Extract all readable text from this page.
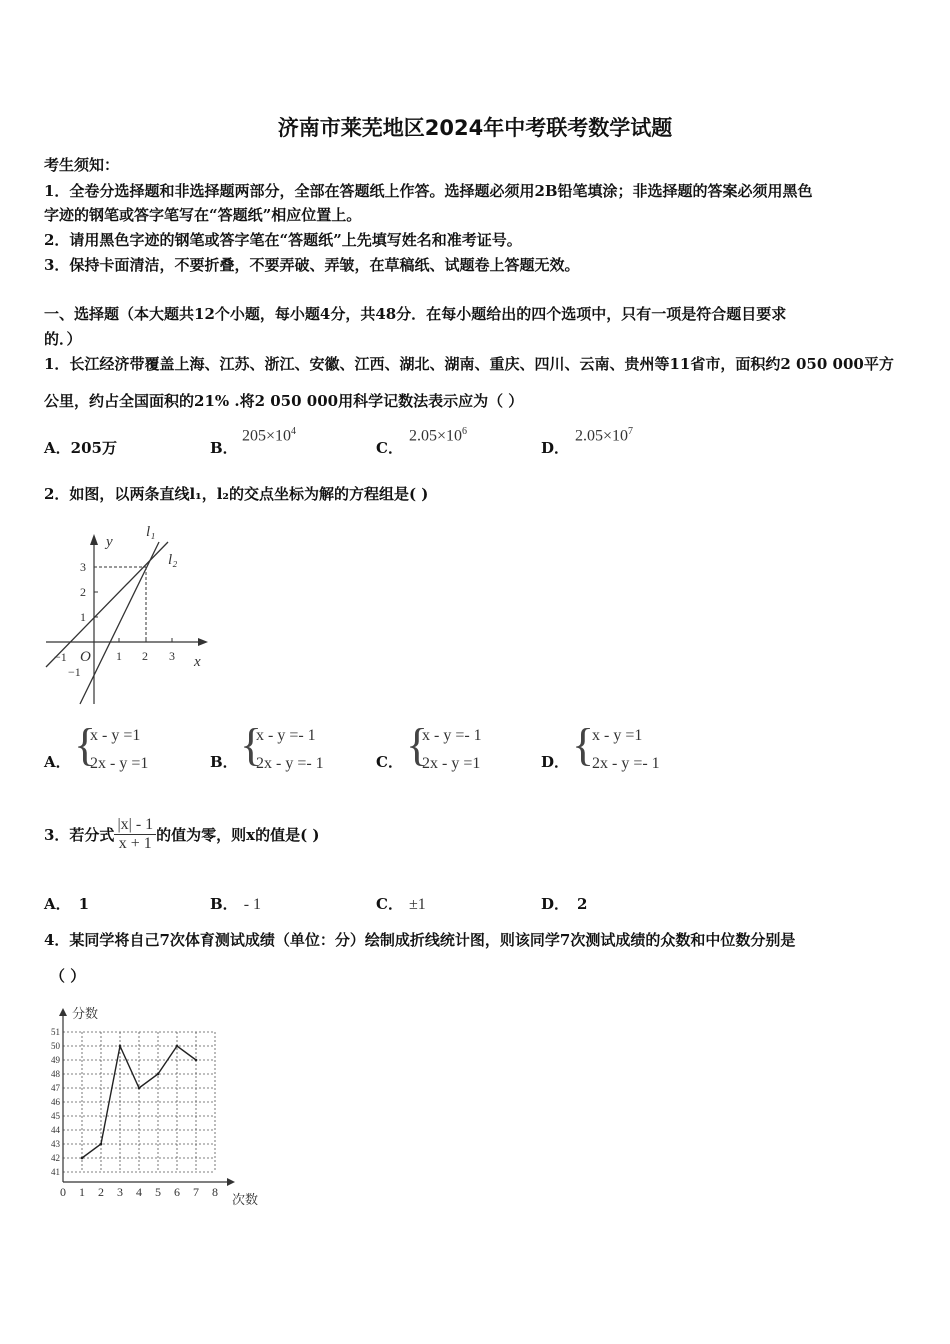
济南市莱芜地区2024年中考联考数学试题
考生须知：
1．全卷分选择题和非选择题两部分，全部在答题纸上作答。选择题必须用2B铅笔填涂；非选择题的答案必须用黑色
字迹的钢笔或答字笔写在“答题纸”相应位置上。
2．请用黑色字迹的钢笔或答字笔在“答题纸”上先填写姓名和准考证号。
3．保持卡面清洁，不要折叠，不要弄破、弄皱，在草稿纸、试题卷上答题无效。
一、选择题（本大题共12个小题，每小题4分，共48分．在每小题给出的四个选项中，只有一项是符合题目要求
的．）
1．长江经济带覆盖上海、江苏、浙江、安徽、江西、湖北、湖南、重庆、四川、云南、贵州等11省市，面积约2 050 000平方
公里，约占全国面积的21% .将2 050 000用科学记数法表示应为（ ）
A．205万	B．
$205\times 10^4$
C．
$2.05\times 10^6$
D．
$2.05\times 10^7$
2．如图，以两条直线l₁，l₂的交点坐标为解的方程组是( )
y
x
O
l₁
l₂
3
2
1
−1
−1	1 2 3
A． {
x - y =1
2x - y =1	B． {
x - y =- 1
2x - y =- 1	C． {
x - y =- 1
2x - y =1	D． {
x - y =1
2x - y =- 1
3．若分式 $\frac{|x| - 1}{x + 1}$ 的值为零，则x的值是( )
A． 1	B． - 1	C． ±1	D． 2
4．某同学将自己7次体育测试成绩（单位：分）绘制成折线统计图，则该同学7次测试成绩的众数和中位数分别是
（ ）
41
42
43
44
45
46
47
48
49
50
51
0 1 2 3 4 5 6 7 8
分数
次数
